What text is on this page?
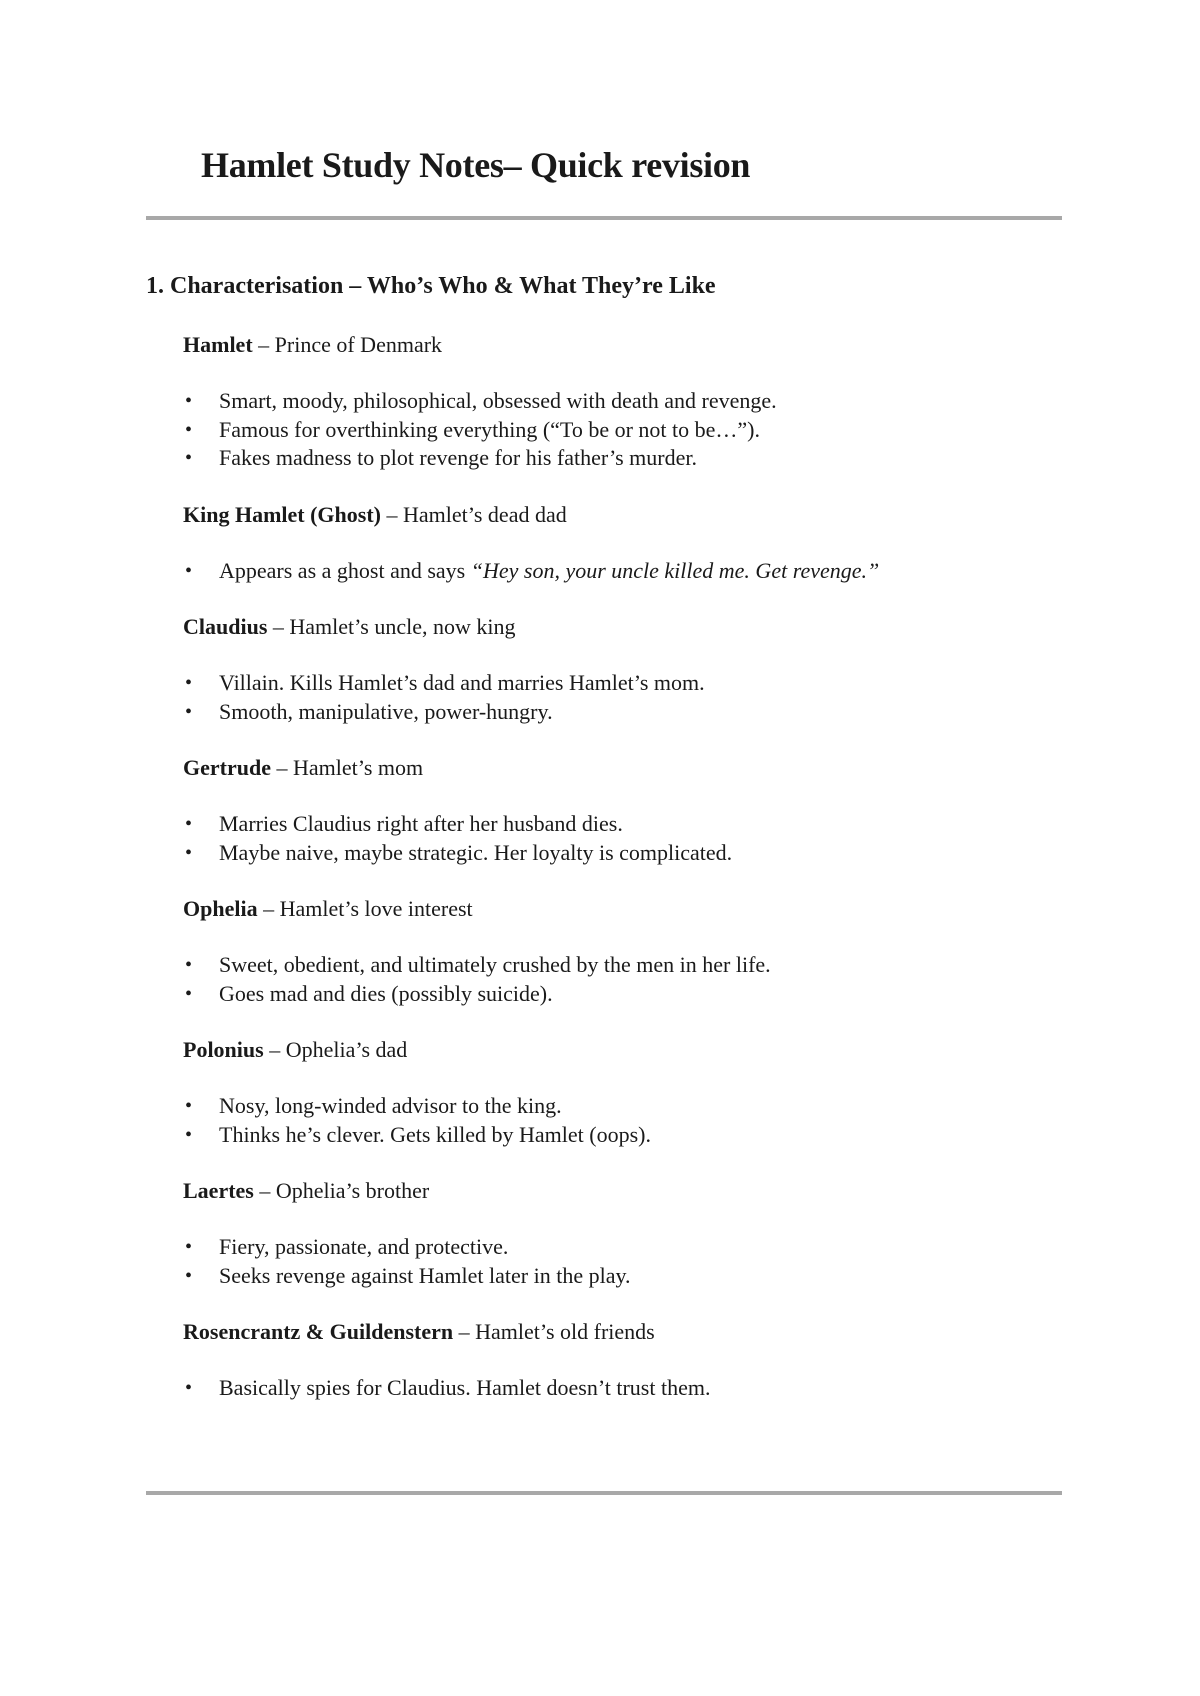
Hamlet Study Notes– Quick revision
1. Characterisation – Who’s Who & What They’re Like

Hamlet – Prince of Denmark

• Smart, moody, philosophical, obsessed with death and revenge.
• Famous for overthinking everything (“To be or not to be…”).
• Fakes madness to plot revenge for his father’s murder.

King Hamlet (Ghost) – Hamlet’s dead dad

• Appears as a ghost and says “Hey son, your uncle killed me. Get revenge.”

Claudius – Hamlet’s uncle, now king

• Villain. Kills Hamlet’s dad and marries Hamlet’s mom.
• Smooth, manipulative, power-hungry.

Gertrude – Hamlet’s mom

• Marries Claudius right after her husband dies.
• Maybe naive, maybe strategic. Her loyalty is complicated.

Ophelia – Hamlet’s love interest

• Sweet, obedient, and ultimately crushed by the men in her life.
• Goes mad and dies (possibly suicide).

Polonius – Ophelia’s dad

• Nosy, long-winded advisor to the king.
• Thinks he’s clever. Gets killed by Hamlet (oops).

Laertes – Ophelia’s brother

• Fiery, passionate, and protective.
• Seeks revenge against Hamlet later in the play.

Rosencrantz & Guildenstern – Hamlet’s old friends

• Basically spies for Claudius. Hamlet doesn’t trust them.
